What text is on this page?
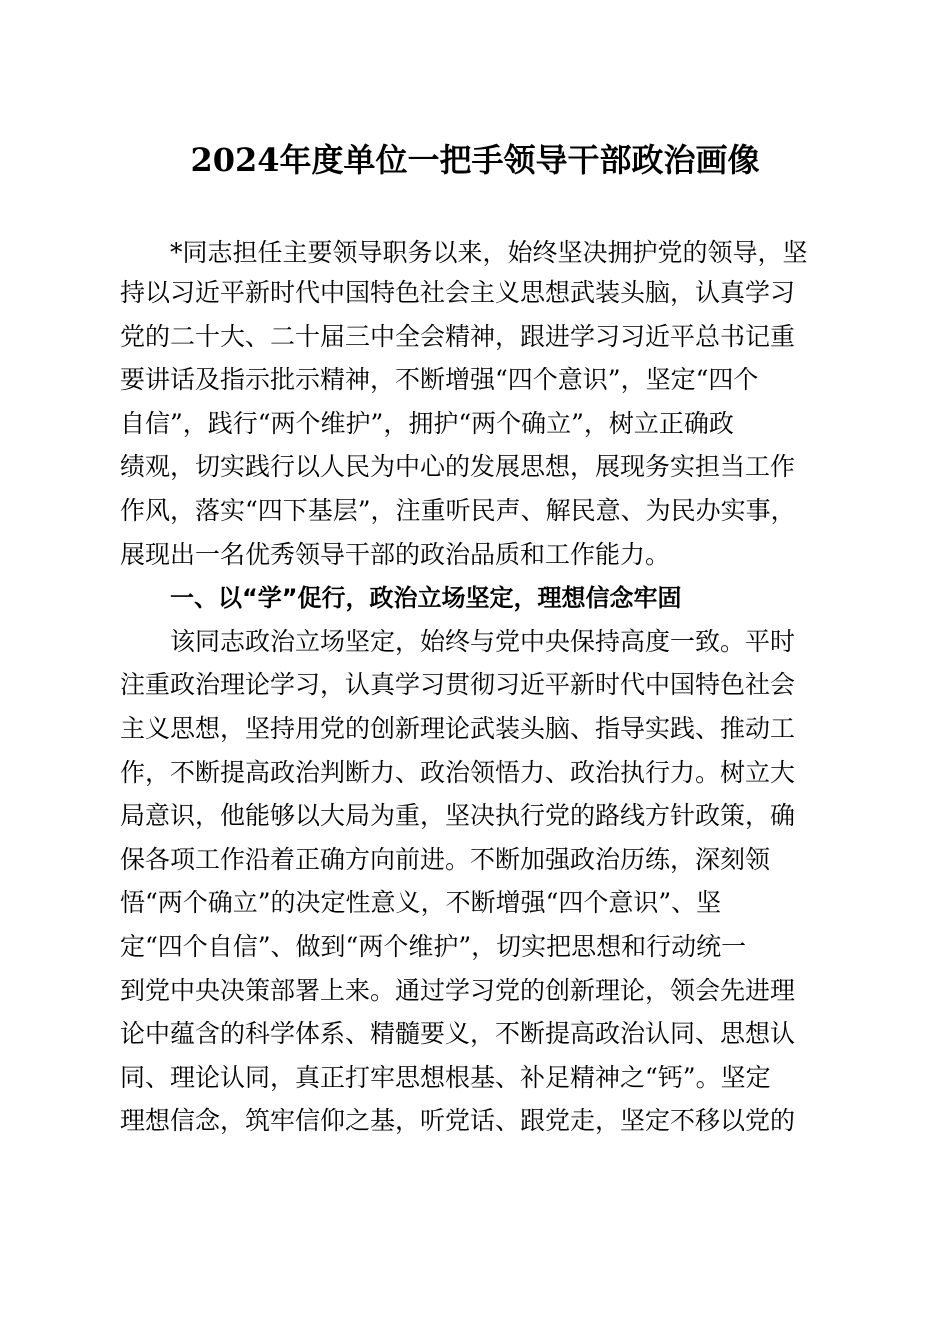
2024年度单位一把手领导干部政治画像

*同志担任主要领导职务以来，始终坚决拥护党的领导，坚

持以习近平新时代中国特色社会主义思想武装头脑，认真学习

党的二十大、二十届三中全会精神，跟进学习习近平总书记重

要讲话及指示批示精神，不断增强“四个意识”，坚定“四个

自信”，践行“两个维护”，拥护“两个确立”，树立正确政

绩观，切实践行以人民为中心的发展思想，展现务实担当工作

作风，落实“四下基层”，注重听民声、解民意、为民办实事，

展现出一名优秀领导干部的政治品质和工作能力。

一、以“学”促行，政治立场坚定，理想信念牢固

该同志政治立场坚定，始终与党中央保持高度一致。平时

注重政治理论学习，认真学习贯彻习近平新时代中国特色社会

主义思想，坚持用党的创新理论武装头脑、指导实践、推动工

作，不断提高政治判断力、政治领悟力、政治执行力。树立大

局意识，他能够以大局为重，坚决执行党的路线方针政策，确

保各项工作沿着正确方向前进。不断加强政治历练，深刻领

悟“两个确立”的决定性意义，不断增强“四个意识”、坚

定“四个自信”、做到“两个维护”，切实把思想和行动统一

到党中央决策部署上来。通过学习党的创新理论，领会先进理

论中蕴含的科学体系、精髓要义，不断提高政治认同、思想认

同、理论认同，真正打牢思想根基、补足精神之“钙”。坚定

理想信念，筑牢信仰之基，听党话、跟党走，坚定不移以党的
